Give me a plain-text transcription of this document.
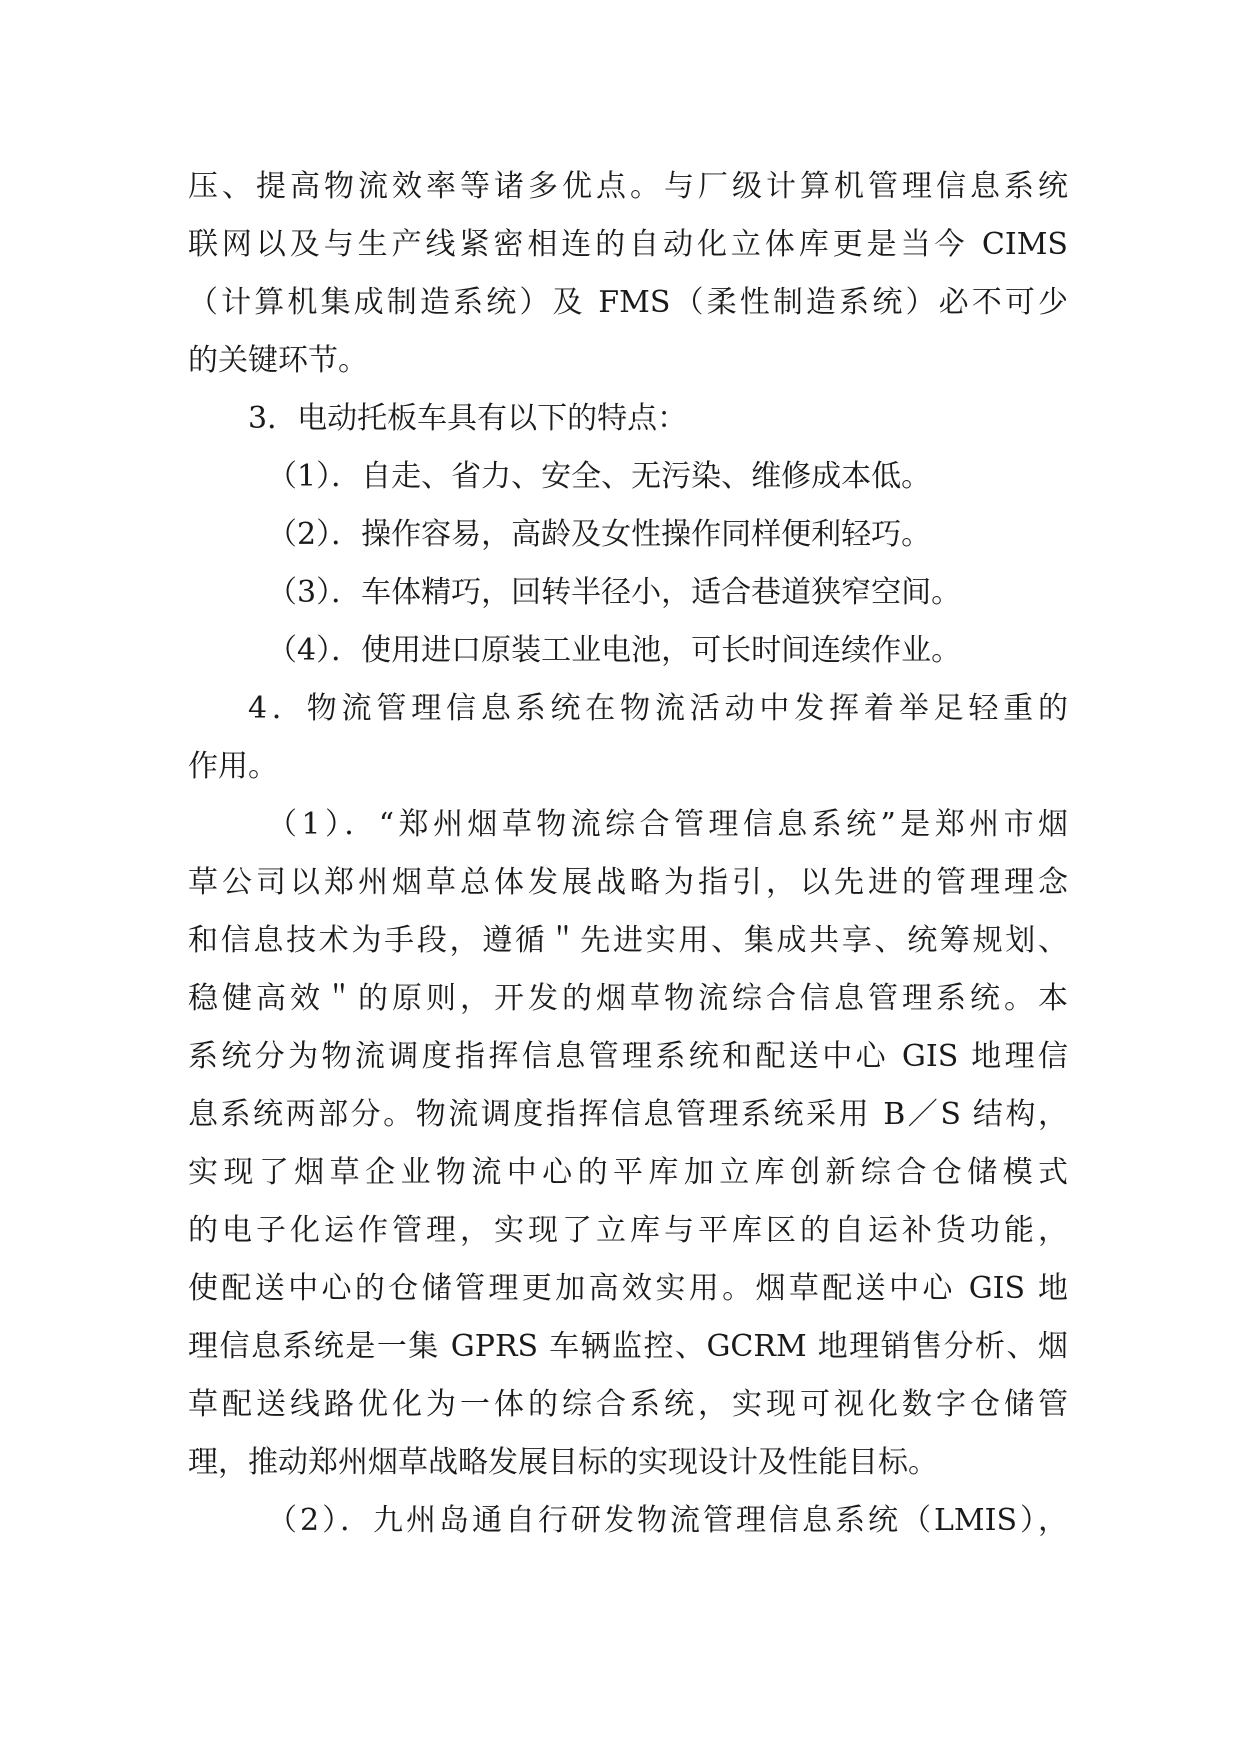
压、提高物流效率等诸多优点。与厂级计算机管理信息系统
联网以及与生产线紧密相连的自动化立体库更是当今 CIMS
（计算机集成制造系统）及 FMS（柔性制造系统）必不可少
的关键环节。
3．电动托板车具有以下的特点：
（1）．自走、省力、安全、无污染、维修成本低。
（2）．操作容易，高龄及女性操作同样便利轻巧。
（3）．车体精巧，回转半径小，适合巷道狭窄空间。
（4）．使用进口原装工业电池，可长时间连续作业。
4．物流管理信息系统在物流活动中发挥着举足轻重的
作用。
（1）．“郑州烟草物流综合管理信息系统”是郑州市烟
草公司以郑州烟草总体发展战略为指引，以先进的管理理念
和信息技术为手段，遵循＂先进实用、集成共享、统筹规划、
稳健高效＂的原则，开发的烟草物流综合信息管理系统。本
系统分为物流调度指挥信息管理系统和配送中心 GIS 地理信
息系统两部分。物流调度指挥信息管理系统采用 B／S 结构，
实现了烟草企业物流中心的平库加立库创新综合仓储模式
的电子化运作管理，实现了立库与平库区的自运补货功能，
使配送中心的仓储管理更加高效实用。烟草配送中心 GIS 地
理信息系统是一集 GPRS 车辆监控、GCRM 地理销售分析、烟
草配送线路优化为一体的综合系统，实现可视化数字仓储管
理，推动郑州烟草战略发展目标的实现设计及性能目标。
（2）．九州岛通自行研发物流管理信息系统（LMIS），
